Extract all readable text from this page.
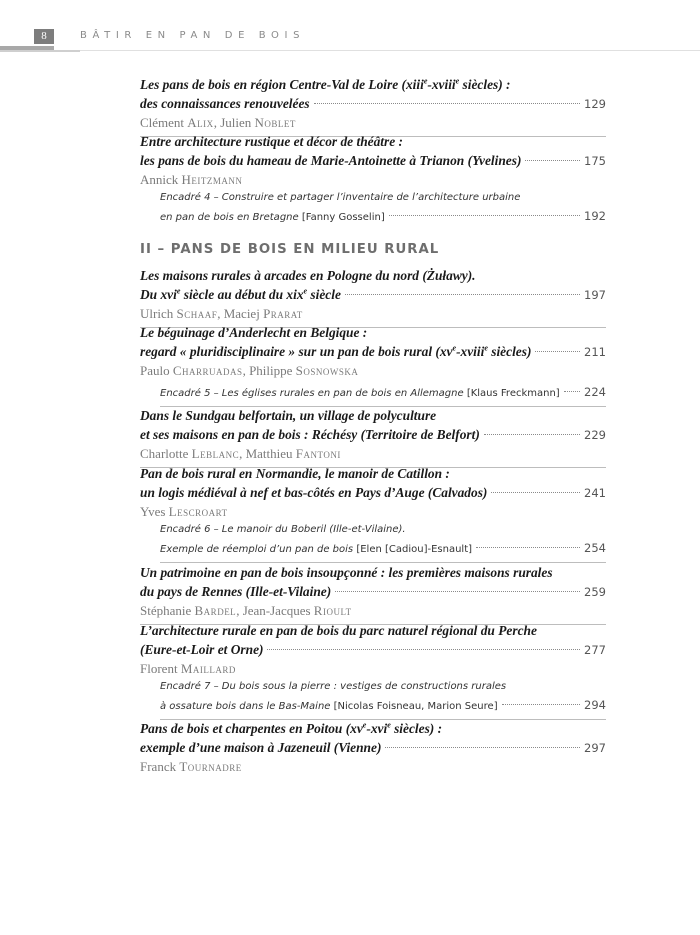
8	BÂTIR EN PAN DE BOIS
Les pans de bois en région Centre-Val de Loire (xiii$^e$-xviii$^e$ siècles) :
des connaissances renouvelées	129
Clément Alix, Julien Noblet
Entre architecture rustique et décor de théâtre :
les pans de bois du hameau de Marie-Antoinette à Trianon (Yvelines)	175
Annick Heitzmann
Encadré 4 – Construire et partager l’inventaire de l’architecture urbaine
en pan de bois en Bretagne [Fanny Gosselin]	192
II – PANS DE BOIS EN MILIEU RURAL
Les maisons rurales à arcades en Pologne du nord (Żuławy).
Du xvi$^e$ siècle au début du xix$^e$ siècle	197
Ulrich Schaaf, Maciej Prarat
Le béguinage d’Anderlecht en Belgique :
regard « pluridisciplinaire » sur un pan de bois rural ($xv^e-xviii^e$ siècles)	211
Paulo Charruadas, Philippe Sosnowska
Encadré 5 – Les églises rurales en pan de bois en Allemagne [Klaus Freckmann] 224
Dans le Sundgau belfortain, un village de polyculture
et ses maisons en pan de bois : Réchésy (Territoire de Belfort)	229
Charlotte Leblanc, Matthieu Fantoni
Pan de bois rural en Normandie, le manoir de Catillon :
un logis médiéval à nef et bas-côtés en Pays d’Auge (Calvados)	241
Yves Lescroart
Encadré 6 – Le manoir du Boberil (Ille-et-Vilaine).
Exemple de réemploi d’un pan de bois [Elen [Cadiou]-Esnault]	254
Un patrimoine en pan de bois insoupçonné : les premières maisons rurales
du pays de Rennes (Ille-et-Vilaine)	259
Stéphanie Bardel, Jean-Jacques Rioult
L’architecture rurale en pan de bois du parc naturel régional du Perche
(Eure-et-Loir et Orne)	277
Florent Maillard
Encadré 7 – Du bois sous la pierre : vestiges de constructions rurales
à ossature bois dans le Bas-Maine [Nicolas Foisneau, Marion Seure]	294
Pans de bois et charpentes en Poitou ($xv^e-xvi^e$ siècles) :
exemple d’une maison à Jazeneuil (Vienne)	297
Franck Tournadre
